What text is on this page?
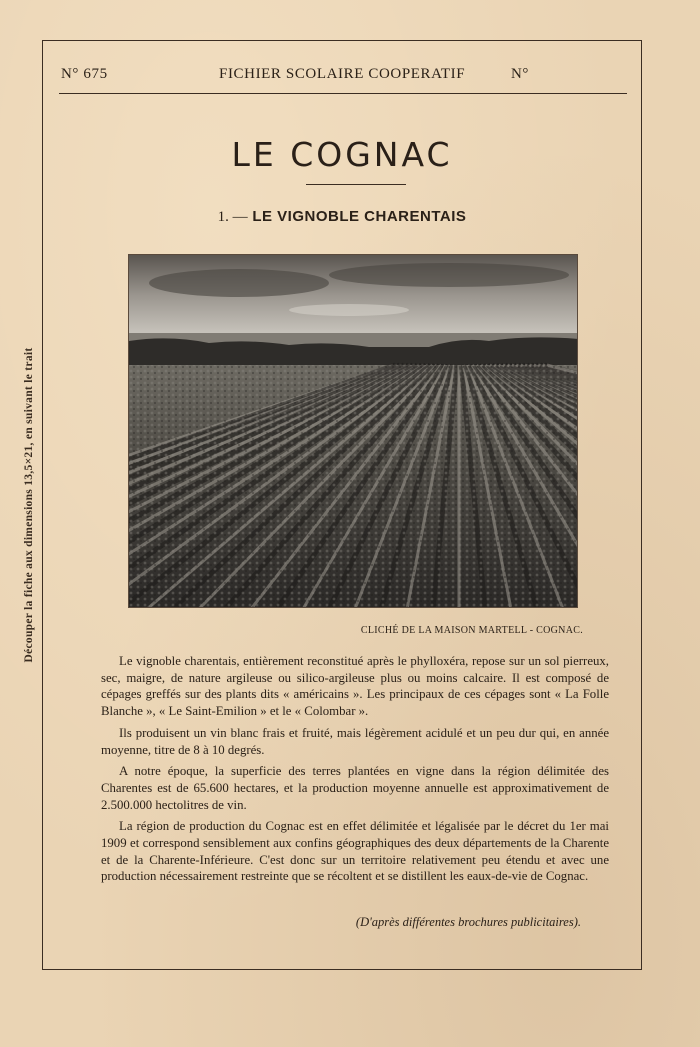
Découper la fiche aux dimensions 13,5×21, en suivant le trait
N° 675	FICHIER SCOLAIRE COOPERATIF	N°
LE COGNAC
1. — LE VIGNOBLE CHARENTAIS
CLICHÉ DE LA MAISON MARTELL - COGNAC.

Le vignoble charentais, entièrement reconstitué après le phylloxéra, repose sur un sol pierreux, sec, maigre, de nature argileuse ou silico-argileuse plus ou moins calcaire. Il est composé de cépages greffés sur des plants dits « américains ». Les principaux de ces cépages sont « La Folle Blanche », « Le Saint-Emilion » et le « Colombar ».

Ils produisent un vin blanc frais et fruité, mais légèrement acidulé et un peu dur qui, en année moyenne, titre de 8 à 10 degrés.

A notre époque, la superficie des terres plantées en vigne dans la région délimitée des Charentes est de 65.600 hectares, et la production moyenne annuelle est approximativement de 2.500.000 hectolitres de vin.

La région de production du Cognac est en effet délimitée et légalisée par le décret du 1er mai 1909 et correspond sensiblement aux confins géographiques des deux départements de la Charente et de la Charente-Inférieure. C'est donc sur un territoire relativement peu étendu et avec une production nécessairement restreinte que se récoltent et se distillent les eaux-de-vie de Cognac.

(D'après différentes brochures publicitaires).
